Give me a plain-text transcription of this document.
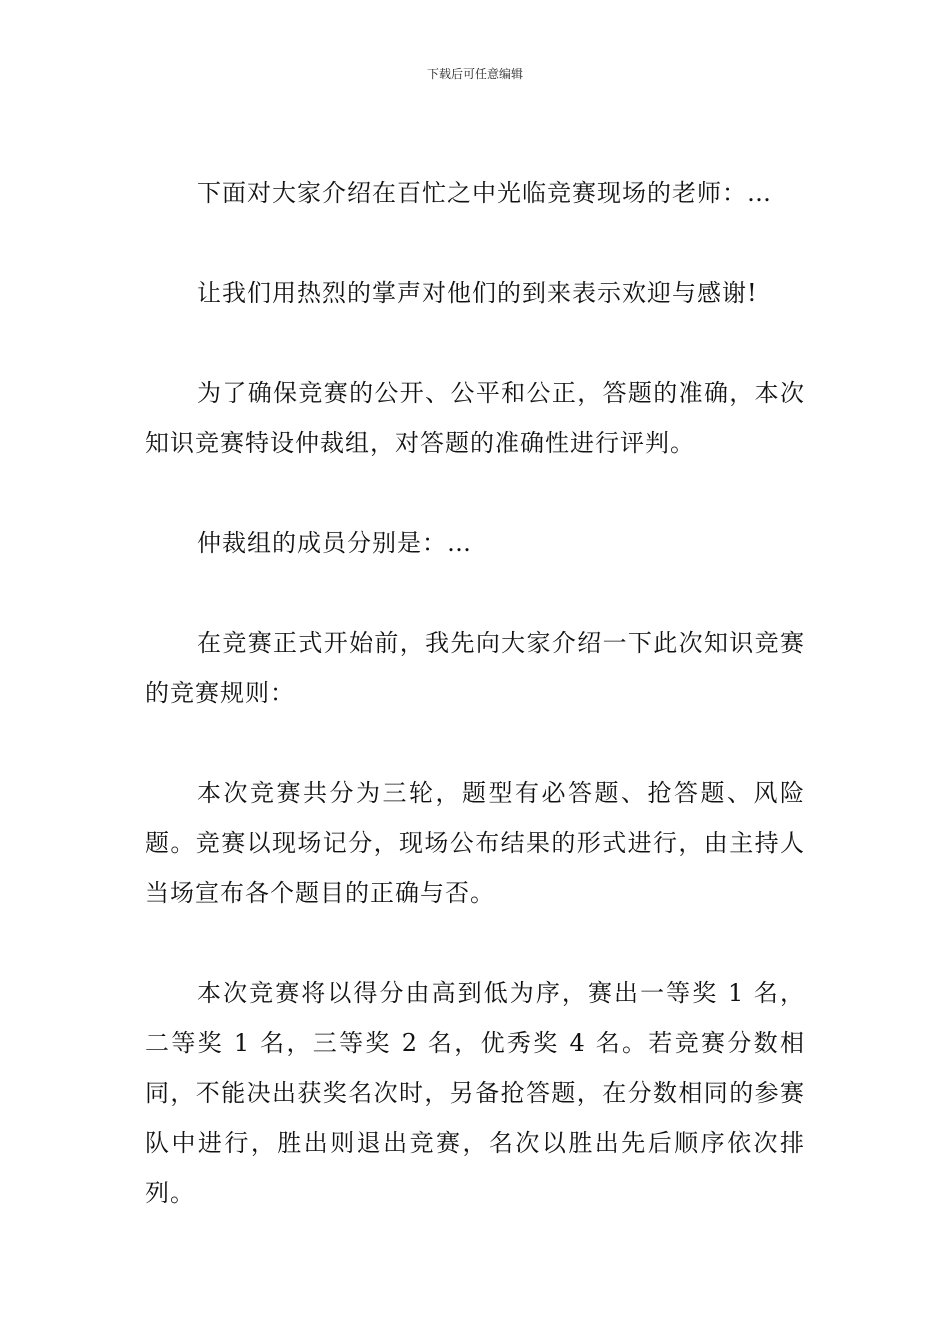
下载后可任意编辑

下面对大家介绍在百忙之中光临竞赛现场的老师：…

让我们用热烈的掌声对他们的到来表示欢迎与感谢!

为了确保竞赛的公开、公平和公正，答题的准确，本次知识竞赛特设仲裁组，对答题的准确性进行评判。

仲裁组的成员分别是：…

在竞赛正式开始前，我先向大家介绍一下此次知识竞赛的竞赛规则：

本次竞赛共分为三轮，题型有必答题、抢答题、风险题。竞赛以现场记分，现场公布结果的形式进行，由主持人当场宣布各个题目的正确与否。

本次竞赛将以得分由高到低为序，赛出一等奖 1 名，二等奖 1 名，三等奖 2 名，优秀奖 4 名。若竞赛分数相同，不能决出获奖名次时，另备抢答题，在分数相同的参赛队中进行，胜出则退出竞赛，名次以胜出先后顺序依次排列。
